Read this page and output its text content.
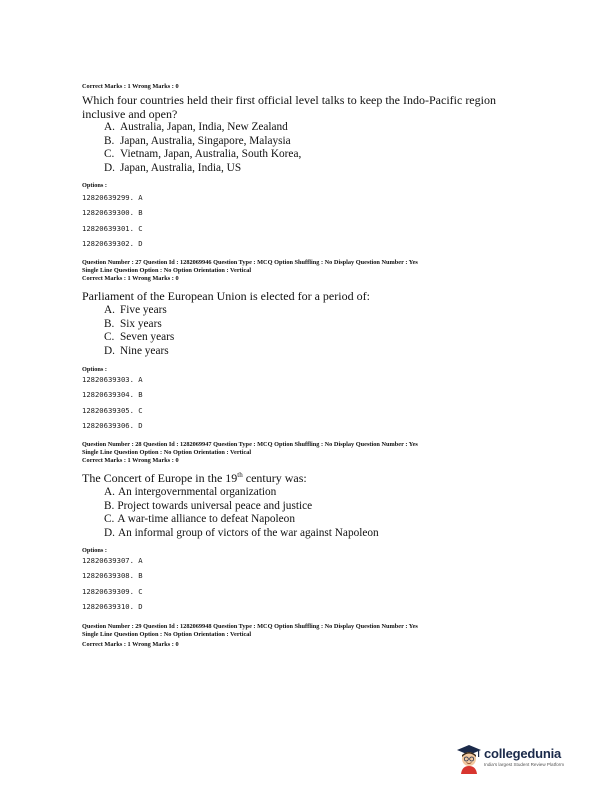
Correct Marks : 1 Wrong Marks : 0
Which four countries held their first official level talks to keep the Indo-Pacific region inclusive and open?
A. Australia, Japan, India, New Zealand
B. Japan, Australia, Singapore, Malaysia
C. Vietnam, Japan, Australia, South Korea,
D. Japan, Australia, India, US
Options :
12820639299. A
12820639300. B
12820639301. C
12820639302. D
Question Number : 27 Question Id : 1282069946 Question Type : MCQ Option Shuffling : No Display Question Number : Yes
Single Line Question Option : No Option Orientation : Vertical
Correct Marks : 1 Wrong Marks : 0
Parliament of the European Union is elected for a period of:
A. Five years
B. Six years
C. Seven years
D. Nine years
Options :
12820639303. A
12820639304. B
12820639305. C
12820639306. D
Question Number : 28 Question Id : 1282069947 Question Type : MCQ Option Shuffling : No Display Question Number : Yes
Single Line Question Option : No Option Orientation : Vertical
Correct Marks : 1 Wrong Marks : 0
The Concert of Europe in the 19th century was:
A. An intergovernmental organization
B. Project towards universal peace and justice
C. A war-time alliance to defeat Napoleon
D. An informal group of victors of the war against Napoleon
Options :
12820639307. A
12820639308. B
12820639309. C
12820639310. D
Question Number : 29 Question Id : 1282069948 Question Type : MCQ Option Shuffling : No Display Question Number : Yes
Single Line Question Option : No Option Orientation : Vertical
Correct Marks : 1 Wrong Marks : 0
collegedunia
India's largest Student Review Platform
